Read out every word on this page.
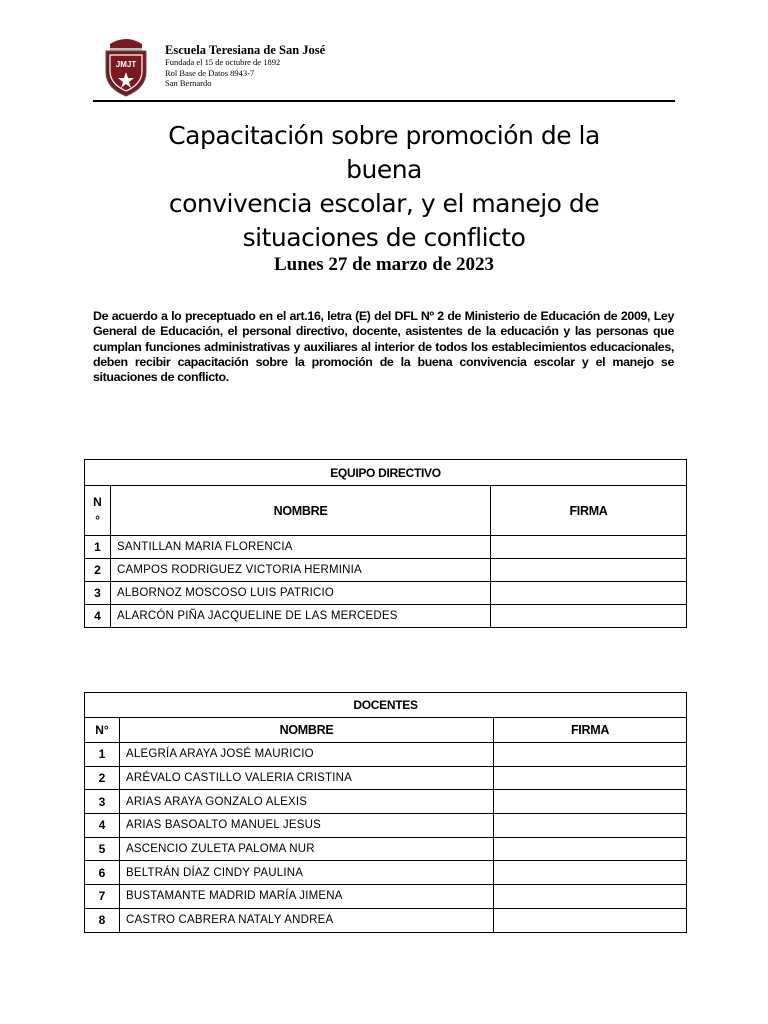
JMJT
Escuela Teresiana de San José
Fundada el 15 de octubre de 1892
Rol Base de Datos 8943-7
San Bernardo
Capacitación sobre promoción de la
buena
convivencia escolar, y el manejo de
situaciones de conflicto
Lunes 27 de marzo de 2023
De acuerdo a lo preceptuado en el art.16, letra (E) del DFL Nº 2 de Ministerio de Educación de 2009, Ley General de Educación, el personal directivo, docente, asistentes de la educación y las personas que cumplan funciones administrativas y auxiliares al interior de todos los establecimientos educacionales, deben recibir capacitación sobre la promoción de la buena convivencia escolar y el manejo se situaciones de conflicto.
EQUIPO DIRECTIVO		

N
°	NOMBRE	FIRMA
1	SANTILLAN MARIA FLORENCIA	
2	CAMPOS RODRIGUEZ VICTORIA HERMINIA	
3	ALBORNOZ MOSCOSO LUIS PATRICIO	
4	ALARCÓN PIÑA JACQUELINE DE LAS MERCEDES	
DOCENTES		
N°	NOMBRE	FIRMA
1	ALEGRÍA ARAYA JOSÉ MAURICIO	
2	ARÉVALO CASTILLO VALERIA CRISTINA	
3	ARIAS ARAYA GONZALO ALEXIS	
4	ARIAS BASOALTO MANUEL JESUS	
5	ASCENCIO ZULETA PALOMA NUR	
6	BELTRÁN DÍAZ CINDY PAULINA	
7	BUSTAMANTE MADRID MARÍA JIMENA	
8	CASTRO CABRERA NATALY ANDREA	
